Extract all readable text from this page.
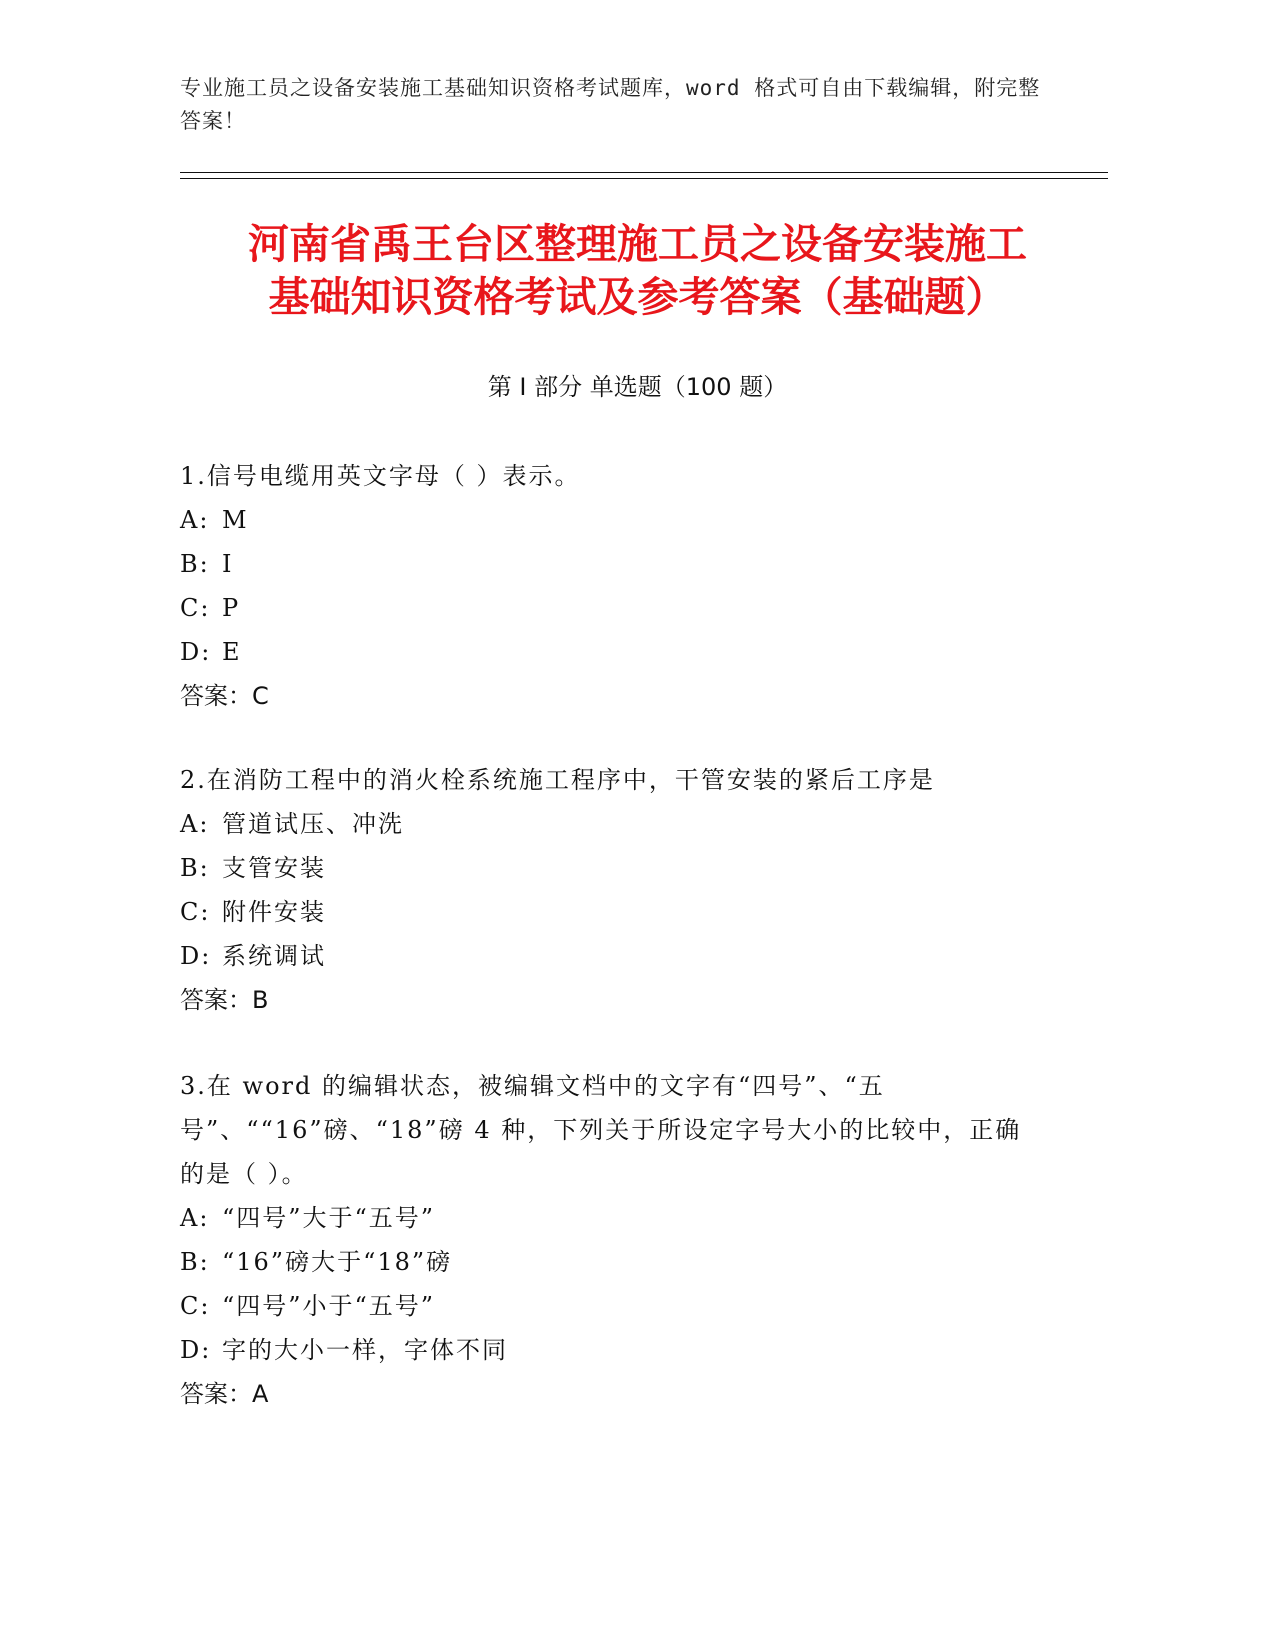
专业施工员之设备安装施工基础知识资格考试题库，word 格式可自由下载编辑，附完整答案！
河南省禹王台区整理施工员之设备安装施工
基础知识资格考试及参考答案（基础题）
第 I 部分 单选题（100 题）
1.信号电缆用英文字母（ ）表示。
A: M
B: I
C: P
D: E
答案：C
2.在消防工程中的消火栓系统施工程序中，干管安装的紧后工序是
A: 管道试压、冲洗
B: 支管安装
C: 附件安装
D: 系统调试
答案：B
3.在 word 的编辑状态，被编辑文档中的文字有“四号”、“五号”、““16”磅、“18”磅 4 种，下列关于所设定字号大小的比较中，正确的是（ ）。
A: “四号”大于“五号”
B: “16”磅大于“18”磅
C: “四号”小于“五号”
D: 字的大小一样，字体不同
答案：A
